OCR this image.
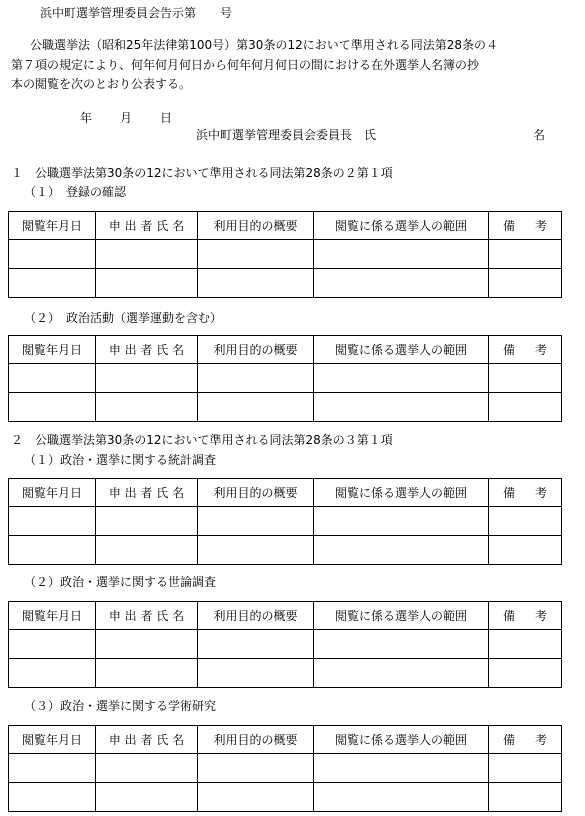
浜中町選挙管理委員会告示第 号
公職選挙法（昭和25年法律第100号）第30条の12において準用される同法第28条の４
第７項の規定により、何年何月何日から何年何月何日の間における在外選挙人名簿の抄
本の閲覧を次のとおり公表する。
年 月 日
浜中町選挙管理委員会委員長　氏	名
１　公職選挙法第30条の12において準用される同法第28条の２第１項
（１）　登録の確認
閲覧年月日	申 出 者 氏 名	利用目的の概要	閲覧に係る選挙人の範囲	備 考

（２）　政治活動（選挙運動を含む）
閲覧年月日	申 出 者 氏 名	利用目的の概要	閲覧に係る選挙人の範囲	備 考

２　公職選挙法第30条の12において準用される同法第28条の３第１項
（１）政治・選挙に関する統計調査
閲覧年月日	申 出 者 氏 名	利用目的の概要	閲覧に係る選挙人の範囲	備 考

（２）政治・選挙に関する世論調査
閲覧年月日	申 出 者 氏 名	利用目的の概要	閲覧に係る選挙人の範囲	備 考

（３）政治・選挙に関する学術研究
閲覧年月日	申 出 者 氏 名	利用目的の概要	閲覧に係る選挙人の範囲	備 考
